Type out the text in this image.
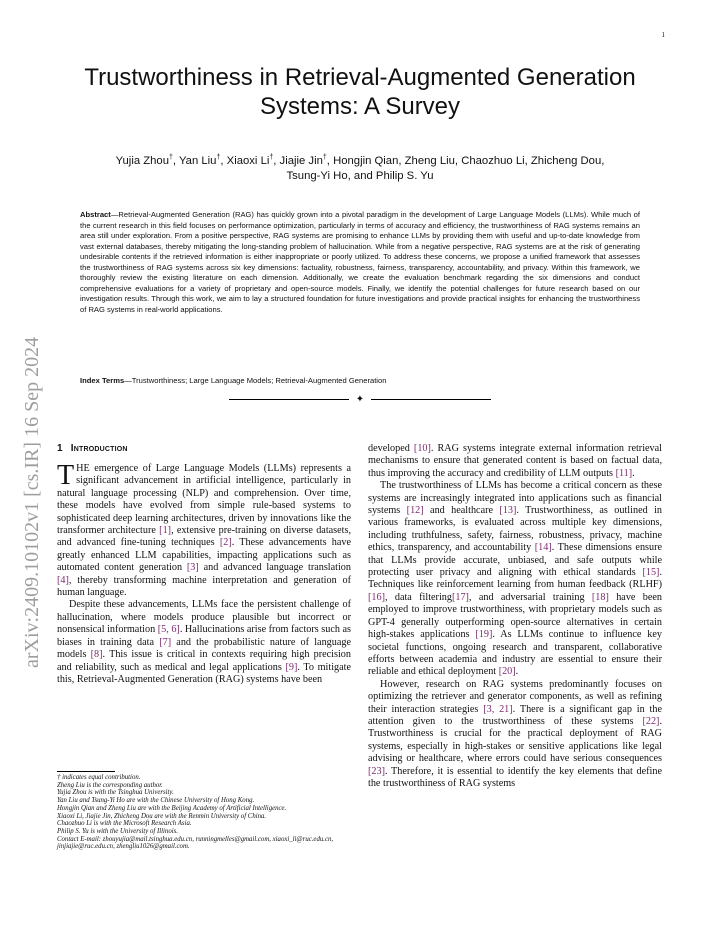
1
arXiv:2409.10102v1 [cs.IR] 16 Sep 2024
Trustworthiness in Retrieval-Augmented Generation Systems: A Survey
Yujia Zhou†, Yan Liu†, Xiaoxi Li†, Jiajie Jin†, Hongjin Qian, Zheng Liu, Chaozhuo Li, Zhicheng Dou, Tsung-Yi Ho, and Philip S. Yu

Abstract—Retrieval-Augmented Generation (RAG) has quickly grown into a pivotal paradigm in the development of Large Language Models (LLMs). While much of the current research in this field focuses on performance optimization, particularly in terms of accuracy and efficiency, the trustworthiness of RAG systems remains an area still under exploration. From a positive perspective, RAG systems are promising to enhance LLMs by providing them with useful and up-to-date knowledge from vast external databases, thereby mitigating the long-standing problem of hallucination. While from a negative perspective, RAG systems are at the risk of generating undesirable contents if the retrieved information is either inappropriate or poorly utilized. To address these concerns, we propose a unified framework that assesses the trustworthiness of RAG systems across six key dimensions: factuality, robustness, fairness, transparency, accountability, and privacy. Within this framework, we thoroughly review the existing literature on each dimension. Additionally, we create the evaluation benchmark regarding the six dimensions and conduct comprehensive evaluations for a variety of proprietary and open-source models. Finally, we identify the potential challenges for future research based on our investigation results. Through this work, we aim to lay a structured foundation for future investigations and provide practical insights for enhancing the trustworthiness of RAG systems in real-world applications.

Index Terms—Trustworthiness; Large Language Models; Retrieval-Augmented Generation

✦
1 Introduction

THE emergence of Large Language Models (LLMs) represents a significant advancement in artificial intelligence, particularly in natural language processing (NLP) and comprehension. Over time, these models have evolved from simple rule-based systems to sophisticated deep learning architectures, driven by innovations like the transformer architecture [1], extensive pre-training on diverse datasets, and advanced fine-tuning techniques [2]. These advancements have greatly enhanced LLM capabilities, impacting applications such as automated content generation [3] and advanced language translation [4], thereby transforming machine interpretation and generation of human language.

Despite these advancements, LLMs face the persistent challenge of hallucination, where models produce plausible but incorrect or nonsensical information [5, 6]. Hallucinations arise from factors such as biases in training data [7] and the probabilistic nature of language models [8]. This issue is critical in contexts requiring high precision and reliability, such as medical and legal applications [9]. To mitigate this, Retrieval-Augmented Generation (RAG) systems have been

developed [10]. RAG systems integrate external information retrieval mechanisms to ensure that generated content is based on factual data, thus improving the accuracy and credibility of LLM outputs [11].

The trustworthiness of LLMs has become a critical concern as these systems are increasingly integrated into applications such as financial systems [12] and healthcare [13]. Trustworthiness, as outlined in various frameworks, is evaluated across multiple key dimensions, including truthfulness, safety, fairness, robustness, privacy, machine ethics, transparency, and accountability [14]. These dimensions ensure that LLMs provide accurate, unbiased, and safe outputs while protecting user privacy and aligning with ethical standards [15]. Techniques like reinforcement learning from human feedback (RLHF)[16], data filtering[17], and adversarial training [18] have been employed to improve trustworthiness, with proprietary models such as GPT-4 generally outperforming open-source alternatives in certain high-stakes applications [19]. As LLMs continue to influence key societal functions, ongoing research and transparent, collaborative efforts between academia and industry are essential to ensure their reliable and ethical deployment [20].

However, research on RAG systems predominantly focuses on optimizing the retriever and generator components, as well as refining their interaction strategies [3, 21]. There is a significant gap in the attention given to the trustworthiness of these systems [22]. Trustworthiness is crucial for the practical deployment of RAG systems, especially in high-stakes or sensitive applications like legal advising or healthcare, where errors could have serious consequences [23]. Therefore, it is essential to identify the key elements that define the trustworthiness of RAG systems

† indicates equal contribution.
Zheng Liu is the corresponding author.
Yujia Zhou is with the Tsinghua University.
Yan Liu and Tsung-Yi Ho are with the Chinese University of Hong Kong.
Hongjin Qian and Zheng Liu are with the Beijing Academy of Artificial Intelligence.
Xiaoxi Li, Jiajie Jin, Zhicheng Dou are with the Renmin University of China.
Chaozhuo Li is with the Microsoft Research Asia.
Philip S. Yu is with the University of Illinois.
Contact E-mail: zhouyujia@mail.tsinghua.edu.cn, runningmelles@gmail.com, xiaoxi_li@ruc.edu.cn, jinjiajie@ruc.edu.cn, zhengliu1026@gmail.com.
